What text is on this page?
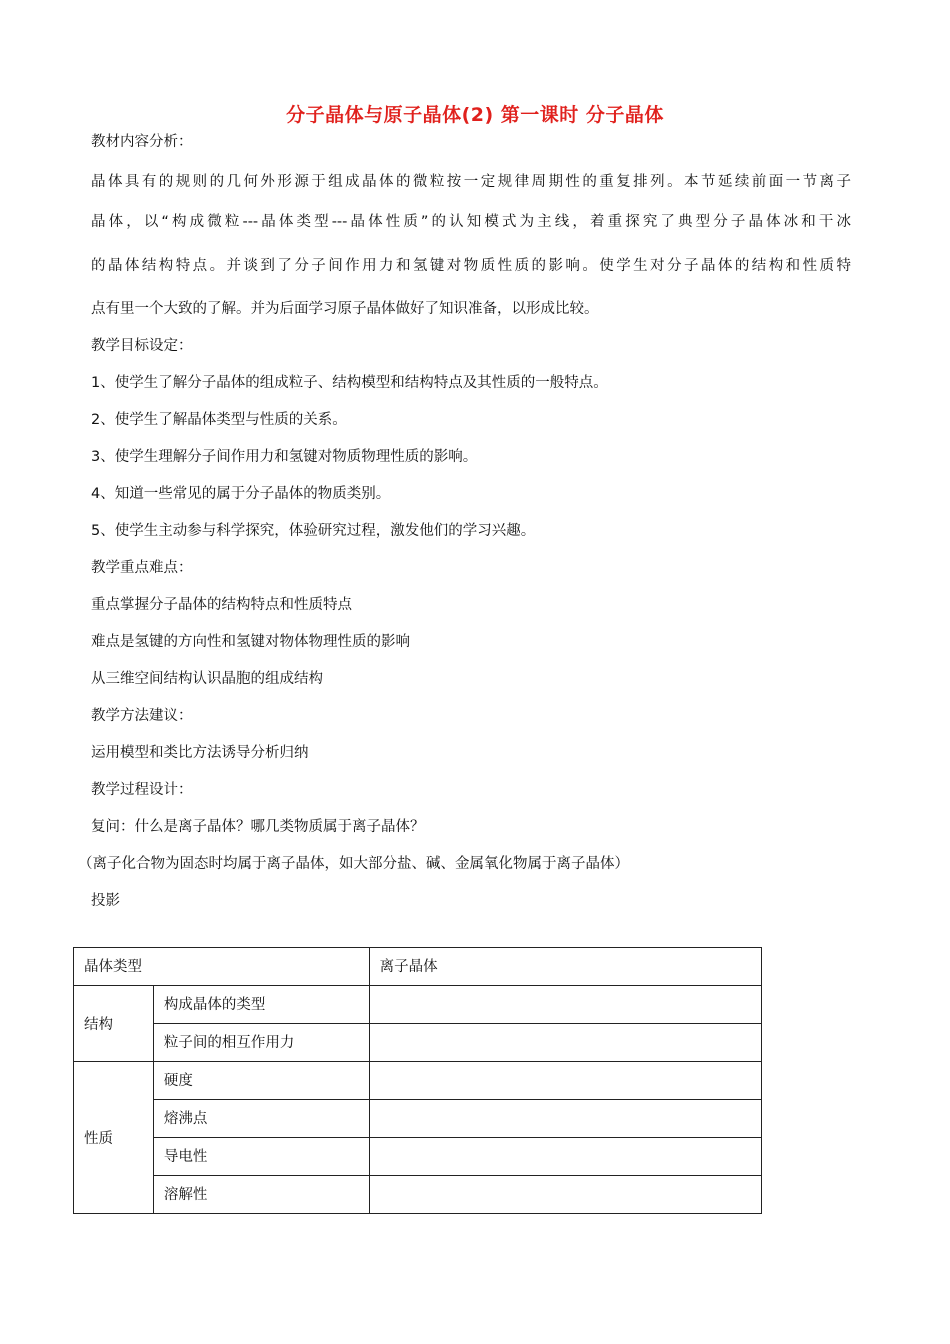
分子晶体与原子晶体(2) 第一课时 分子晶体
教材内容分析：
晶体具有的规则的几何外形源于组成晶体的微粒按一定规律周期性的重复排列。本节延续前面一节离子
晶体，以“构成微粒---晶体类型---晶体性质”的认知模式为主线，着重探究了典型分子晶体冰和干冰
的晶体结构特点。并谈到了分子间作用力和氢键对物质性质的影响。使学生对分子晶体的结构和性质特
点有里一个大致的了解。并为后面学习原子晶体做好了知识准备，以形成比较。
教学目标设定：
1、使学生了解分子晶体的组成粒子、结构模型和结构特点及其性质的一般特点。
2、使学生了解晶体类型与性质的关系。
3、使学生理解分子间作用力和氢键对物质物理性质的影响。
4、知道一些常见的属于分子晶体的物质类别。
5、使学生主动参与科学探究，体验研究过程，激发他们的学习兴趣。
教学重点难点：
重点掌握分子晶体的结构特点和性质特点
难点是氢键的方向性和氢键对物体物理性质的影响
从三维空间结构认识晶胞的组成结构
教学方法建议：
运用模型和类比方法诱导分析归纳
教学过程设计：
复问：什么是离子晶体？哪几类物质属于离子晶体？
（离子化合物为固态时均属于离子晶体，如大部分盐、碱、金属氧化物属于离子晶体）
投影
晶体类型		离子晶体
结构	构成晶体的类型	
	粒子间的相互作用力	
性质	硬度	
	熔沸点	
	导电性	
	溶解性	
